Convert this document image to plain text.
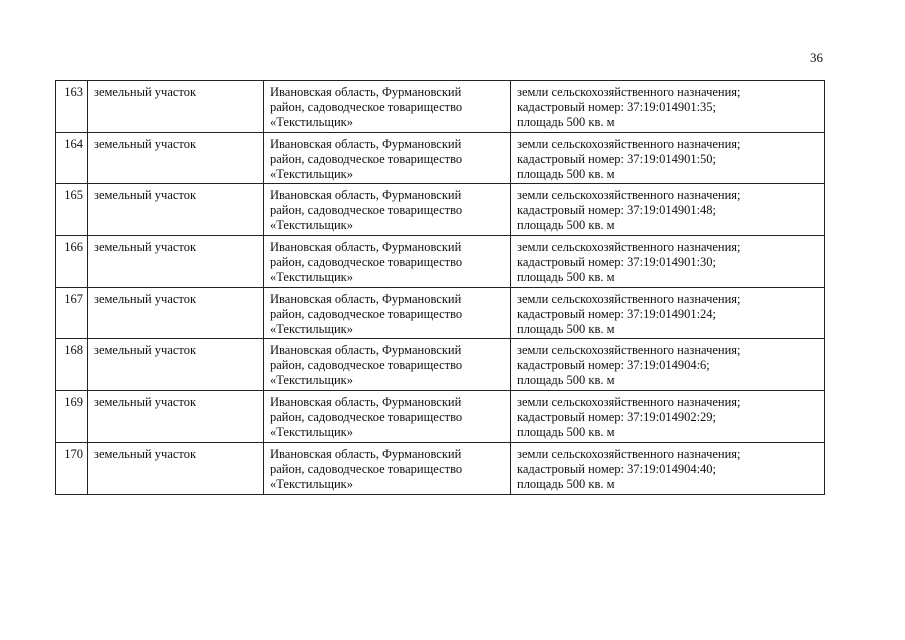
36
163	земельный участок	Ивановская область, Фурмановский
район, садоводческое товарищество
«Текстильщик»	земли сельскохозяйственного назначения;
кадастровый номер: 37:19:014901:35;
площадь 500 кв. м

164	земельный участок	Ивановская область, Фурмановский
район, садоводческое товарищество
«Текстильщик»	земли сельскохозяйственного назначения;
кадастровый номер: 37:19:014901:50;
площадь 500 кв. м

165	земельный участок	Ивановская область, Фурмановский
район, садоводческое товарищество
«Текстильщик»	земли сельскохозяйственного назначения;
кадастровый номер: 37:19:014901:48;
площадь 500 кв. м

166	земельный участок	Ивановская область, Фурмановский
район, садоводческое товарищество
«Текстильщик»	земли сельскохозяйственного назначения;
кадастровый номер: 37:19:014901:30;
площадь 500 кв. м

167	земельный участок	Ивановская область, Фурмановский
район, садоводческое товарищество
«Текстильщик»	земли сельскохозяйственного назначения;
кадастровый номер: 37:19:014901:24;
площадь 500 кв. м

168	земельный участок	Ивановская область, Фурмановский
район, садоводческое товарищество
«Текстильщик»	земли сельскохозяйственного назначения;
кадастровый номер: 37:19:014904:6;
площадь 500 кв. м

169	земельный участок	Ивановская область, Фурмановский
район, садоводческое товарищество
«Текстильщик»	земли сельскохозяйственного назначения;
кадастровый номер: 37:19:014902:29;
площадь 500 кв. м

170	земельный участок	Ивановская область, Фурмановский
район, садоводческое товарищество
«Текстильщик»	земли сельскохозяйственного назначения;
кадастровый номер: 37:19:014904:40;
площадь 500 кв. м
